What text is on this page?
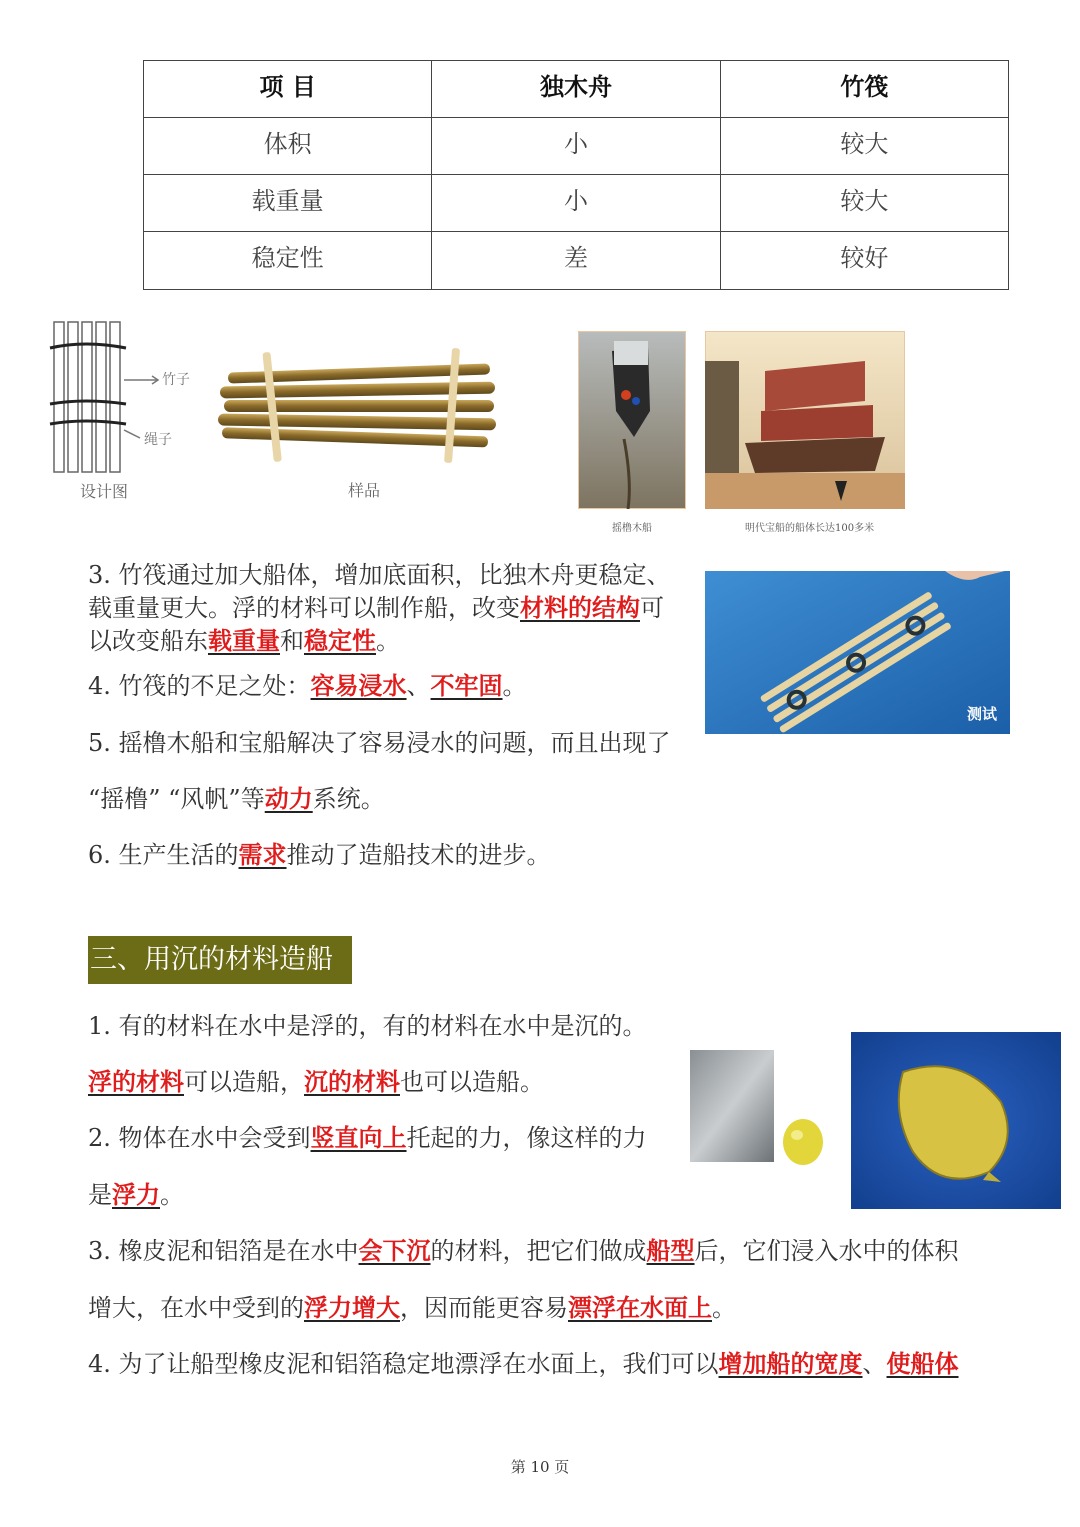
项 目	独木舟	竹筏
体积	小	较大
载重量	小	较大
稳定性	差	较好
竹子
绳子
设计图	样品
摇橹木船	明代宝船的船体长达100多米
3. 竹筏通过加大船体，增加底面积，比独木舟更稳定、
载重量更大。浮的材料可以制作船，改变材料的结构可
以改变船东载重量和稳定性。
4. 竹筏的不足之处：容易浸水、不牢固。
5. 摇橹木船和宝船解决了容易浸水的问题，而且出现了
“摇橹” “风帆”等动力系统。
6. 生产生活的需求推动了造船技术的进步。
测试
三、用沉的材料造船
1. 有的材料在水中是浮的，有的材料在水中是沉的。
浮的材料可以造船，沉的材料也可以造船。
2. 物体在水中会受到竖直向上托起的力，像这样的力
是浮力。
3. 橡皮泥和铝箔是在水中会下沉的材料，把它们做成船型后，它们浸入水中的体积
增大，在水中受到的浮力增大，因而能更容易漂浮在水面上。
4. 为了让船型橡皮泥和铝箔稳定地漂浮在水面上，我们可以增加船的宽度、使船体
第 10 页
